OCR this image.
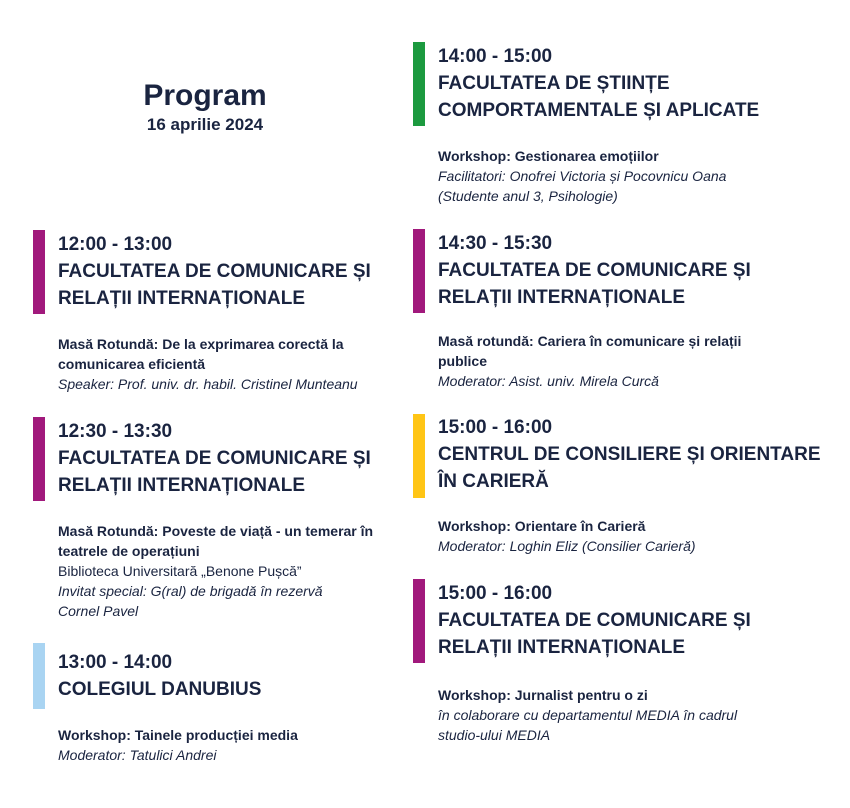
Program
16 aprilie 2024
12:00 - 13:00
FACULTATEA DE COMUNICARE ȘI
RELAȚII INTERNAȚIONALE
Masă Rotundă: De la exprimarea corectă la
comunicarea eficientă
Speaker: Prof. univ. dr. habil. Cristinel Munteanu
12:30 - 13:30
FACULTATEA DE COMUNICARE ȘI
RELAȚII INTERNAȚIONALE
Masă Rotundă: Poveste de viață - un temerar în
teatrele de operațiuni
Biblioteca Universitară „Benone Pușcă”
Invitat special: G(ral) de brigadă în rezervă
Cornel Pavel
13:00 - 14:00
COLEGIUL DANUBIUS
Workshop: Tainele producției media
Moderator: Tatulici Andrei
14:00 - 15:00
FACULTATEA DE ȘTIINȚE
COMPORTAMENTALE ȘI APLICATE
Workshop: Gestionarea emoțiilor
Facilitatori: Onofrei Victoria și Pocovnicu Oana
(Studente anul 3, Psihologie)
14:30 - 15:30
FACULTATEA DE COMUNICARE ȘI
RELAȚII INTERNAȚIONALE
Masă rotundă: Cariera în comunicare și relații
publice
Moderator: Asist. univ. Mirela Curcă
15:00 - 16:00
CENTRUL DE CONSILIERE ȘI ORIENTARE
ÎN CARIERĂ
Workshop: Orientare în Carieră
Moderator: Loghin Eliz (Consilier Carieră)
15:00 - 16:00
FACULTATEA DE COMUNICARE ȘI
RELAȚII INTERNAȚIONALE
Workshop: Jurnalist pentru o zi
în colaborare cu departamentul MEDIA în cadrul
studio-ului MEDIA
